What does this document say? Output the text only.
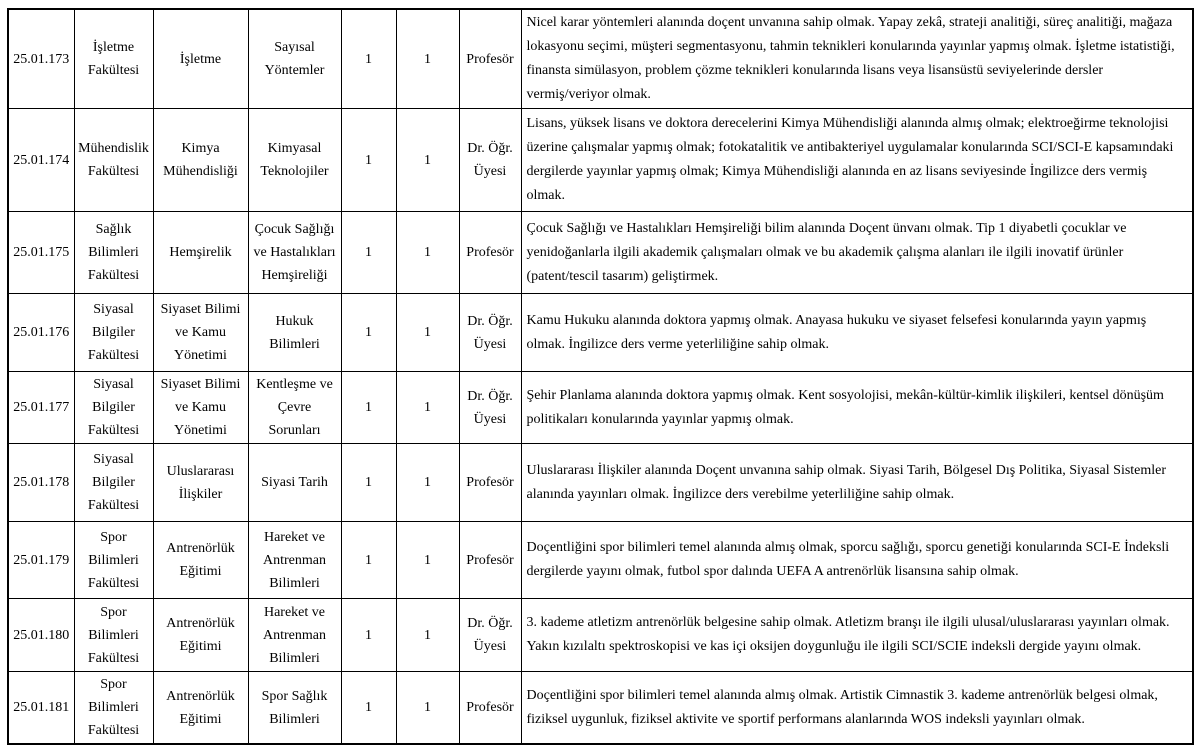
25.01.173	İşletme Fakültesi	İşletme	Sayısal Yöntemler	1	1	Profesör	Nicel karar yöntemleri alanında doçent unvanına sahip olmak. Yapay zekâ, strateji analitiği, süreç analitiği, mağaza lokasyonu seçimi, müşteri segmentasyonu, tahmin teknikleri konularında yayınlar yapmış olmak. İşletme istatistiği, finansta simülasyon, problem çözme teknikleri konularında lisans veya lisansüstü seviyelerinde dersler vermiş/veriyor olmak.
25.01.174	Mühendislik Fakültesi	Kimya Mühendisliği	Kimyasal Teknolojiler	1	1	Dr. Öğr. Üyesi	Lisans, yüksek lisans ve doktora derecelerini Kimya Mühendisliği alanında almış olmak; elektroeğirme teknolojisi üzerine çalışmalar yapmış olmak; fotokatalitik ve antibakteriyel uygulamalar konularında SCI/SCI-E kapsamındaki dergilerde yayınlar yapmış olmak; Kimya Mühendisliği alanında en az lisans seviyesinde İngilizce ders vermiş olmak.
25.01.175	Sağlık Bilimleri Fakültesi	Hemşirelik	Çocuk Sağlığı ve Hastalıkları Hemşireliği	1	1	Profesör	Çocuk Sağlığı ve Hastalıkları Hemşireliği bilim alanında Doçent ünvanı olmak. Tip 1 diyabetli çocuklar ve yenidoğanlarla ilgili akademik çalışmaları olmak ve bu akademik çalışma alanları ile ilgili inovatif ürünler (patent/tescil tasarım) geliştirmek.
25.01.176	Siyasal Bilgiler Fakültesi	Siyaset Bilimi ve Kamu Yönetimi	Hukuk Bilimleri	1	1	Dr. Öğr. Üyesi	Kamu Hukuku alanında doktora yapmış olmak. Anayasa hukuku ve siyaset felsefesi konularında yayın yapmış olmak. İngilizce ders verme yeterliliğine sahip olmak.
25.01.177	Siyasal Bilgiler Fakültesi	Siyaset Bilimi ve Kamu Yönetimi	Kentleşme ve Çevre Sorunları	1	1	Dr. Öğr. Üyesi	Şehir Planlama alanında doktora yapmış olmak. Kent sosyolojisi, mekân-kültür-kimlik ilişkileri, kentsel dönüşüm politikaları konularında yayınlar yapmış olmak.
25.01.178	Siyasal Bilgiler Fakültesi	Uluslararası İlişkiler	Siyasi Tarih	1	1	Profesör	Uluslararası İlişkiler alanında Doçent unvanına sahip olmak. Siyasi Tarih, Bölgesel Dış Politika, Siyasal Sistemler alanında yayınları olmak. İngilizce ders verebilme yeterliliğine sahip olmak.
25.01.179	Spor Bilimleri Fakültesi	Antrenörlük Eğitimi	Hareket ve Antrenman Bilimleri	1	1	Profesör	Doçentliğini spor bilimleri temel alanında almış olmak, sporcu sağlığı, sporcu genetiği konularında SCI-E İndeksli dergilerde yayını olmak, futbol spor dalında UEFA A antrenörlük lisansına sahip olmak.
25.01.180	Spor Bilimleri Fakültesi	Antrenörlük Eğitimi	Hareket ve Antrenman Bilimleri	1	1	Dr. Öğr. Üyesi	3. kademe atletizm antrenörlük belgesine sahip olmak. Atletizm branşı ile ilgili ulusal/uluslararası yayınları olmak. Yakın kızılaltı spektroskopisi ve kas içi oksijen doygunluğu ile ilgili SCI/SCIE indeksli dergide yayını olmak.
25.01.181	Spor Bilimleri Fakültesi	Antrenörlük Eğitimi	Spor Sağlık Bilimleri	1	1	Profesör	Doçentliğini spor bilimleri temel alanında almış olmak. Artistik Cimnastik 3. kademe antrenörlük belgesi olmak, fiziksel uygunluk, fiziksel aktivite ve sportif performans alanlarında WOS indeksli yayınları olmak.
